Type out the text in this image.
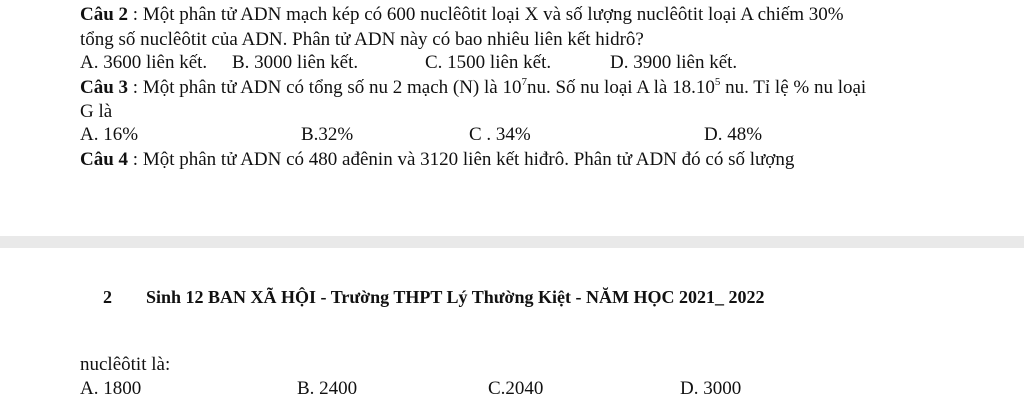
Câu 2 : Một phân tử ADN mạch kép có 600 nuclêôtit loại X và số lượng nuclêôtit loại A chiếm 30%
tổng số nuclêôtit của ADN. Phân tử ADN này có bao nhiêu liên kết hidrô?
A. 3600 liên kết. B. 3000 liên kết.	C. 1500 liên kết.	D. 3900 liên kết.
Câu 3 : Một phân tử ADN có tổng số nu 2 mạch (N) là $10^7nu$. Số nu loại A là 18.10$^5$ nu. Tỉ lệ % nu loại
G là
A. 16%	B.32%	C . 34%	D. 48%
Câu 4 : Một phân tử ADN có 480 ađênin và 3120 liên kết hiđrô. Phân tử ADN đó có số lượng
2 Sinh 12 BAN XÃ HỘI - Trường THPT Lý Thường Kiệt - NĂM HỌC 2021_ 2022
nuclêôtit là:
A. 1800	B. 2400	C.2040	D. 3000
